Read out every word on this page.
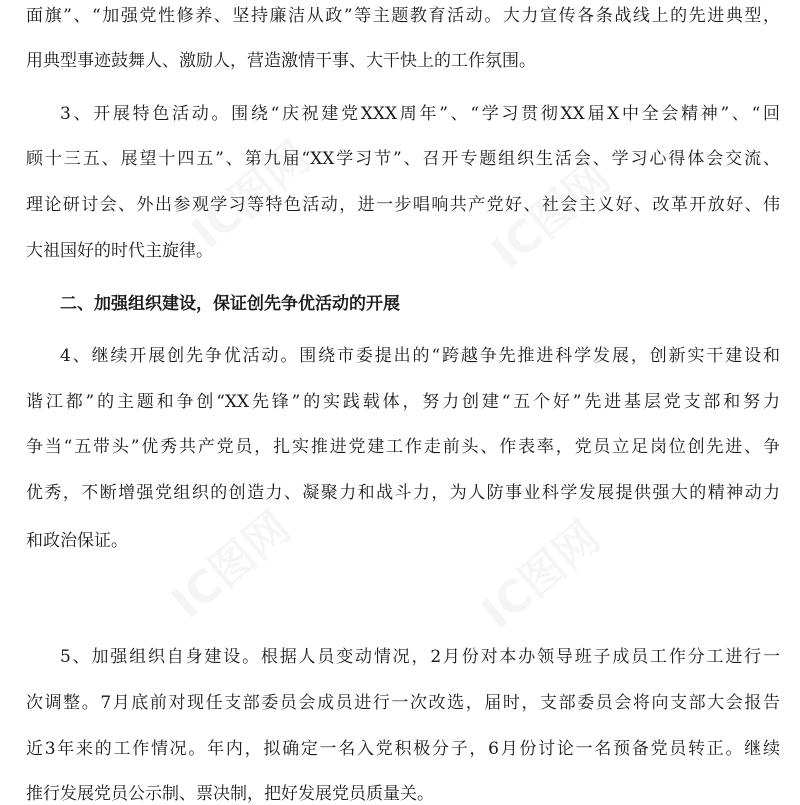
IC图网	IC图网
IC图网	IC图网
面旗”、“加强党性修养、坚持廉洁从政”等主题教育活动。大力宣传各条战线上的先进典型，
用典型事迹鼓舞人、激励人，营造激情干事、大干快上的工作氛围。
3、开展特色活动。围绕“庆祝建党XXX周年”、“学习贯彻XX届X中全会精神”、“回
顾十三五、展望十四五”、第九届“XX学习节”、召开专题组织生活会、学习心得体会交流、
理论研讨会、外出参观学习等特色活动，进一步唱响共产党好、社会主义好、改革开放好、伟
大祖国好的时代主旋律。
二、加强组织建设，保证创先争优活动的开展
4、继续开展创先争优活动。围绕市委提出的“跨越争先推进科学发展，创新实干建设和
谐江都”的主题和争创“XX先锋”的实践载体，努力创建“五个好”先进基层党支部和努力
争当“五带头”优秀共产党员，扎实推进党建工作走前头、作表率，党员立足岗位创先进、争
优秀，不断增强党组织的创造力、凝聚力和战斗力，为人防事业科学发展提供强大的精神动力
和政治保证。
5、加强组织自身建设。根据人员变动情况，2月份对本办领导班子成员工作分工进行一
次调整。7月底前对现任支部委员会成员进行一次改选，届时，支部委员会将向支部大会报告
近3年来的工作情况。年内，拟确定一名入党积极分子，6月份讨论一名预备党员转正。继续
推行发展党员公示制、票决制，把好发展党员质量关。
